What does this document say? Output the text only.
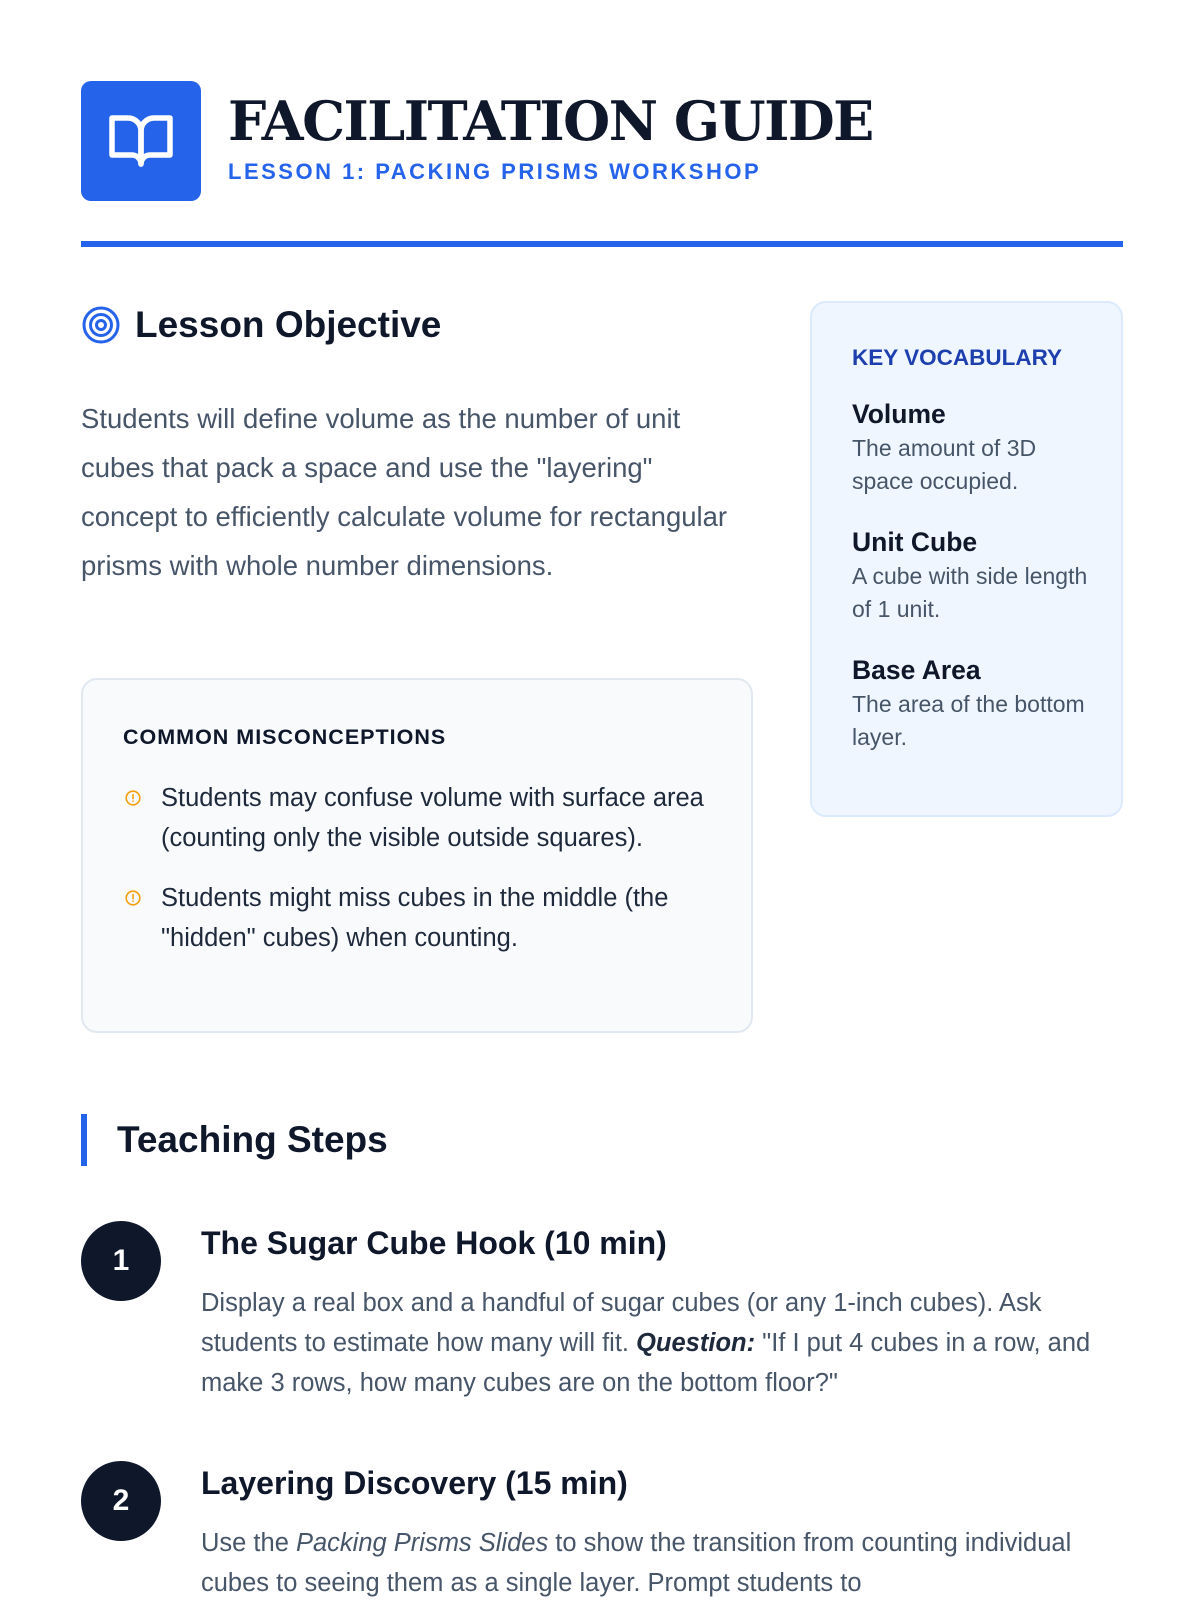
FACILITATION GUIDE
LESSON 1: PACKING PRISMS WORKSHOP
Lesson Objective

Students will define volume as the number of unit cubes that pack a space and use the "layering" concept to efficiently calculate volume for rectangular prisms with whole number dimensions.

COMMON MISCONCEPTIONS
Students may confuse volume with surface area (counting only the visible outside squares).
Students might miss cubes in the middle (the "hidden" cubes) when counting.
KEY VOCABULARY
Volume
The amount of 3D space occupied.
Unit Cube
A cube with side length of 1 unit.
Base Area
The area of the bottom layer.
Teaching Steps
1	The Sugar Cube Hook (10 min)

Display a real box and a handful of sugar cubes (or any 1-inch cubes). Ask students to estimate how many will fit. Question: "If I put 4 cubes in a row, and make 3 rows, how many cubes are on the bottom floor?"

2	Layering Discovery (15 min)

Use the Packing Prisms Slides to show the transition from counting individual cubes to seeing them as a single layer. Prompt students to
